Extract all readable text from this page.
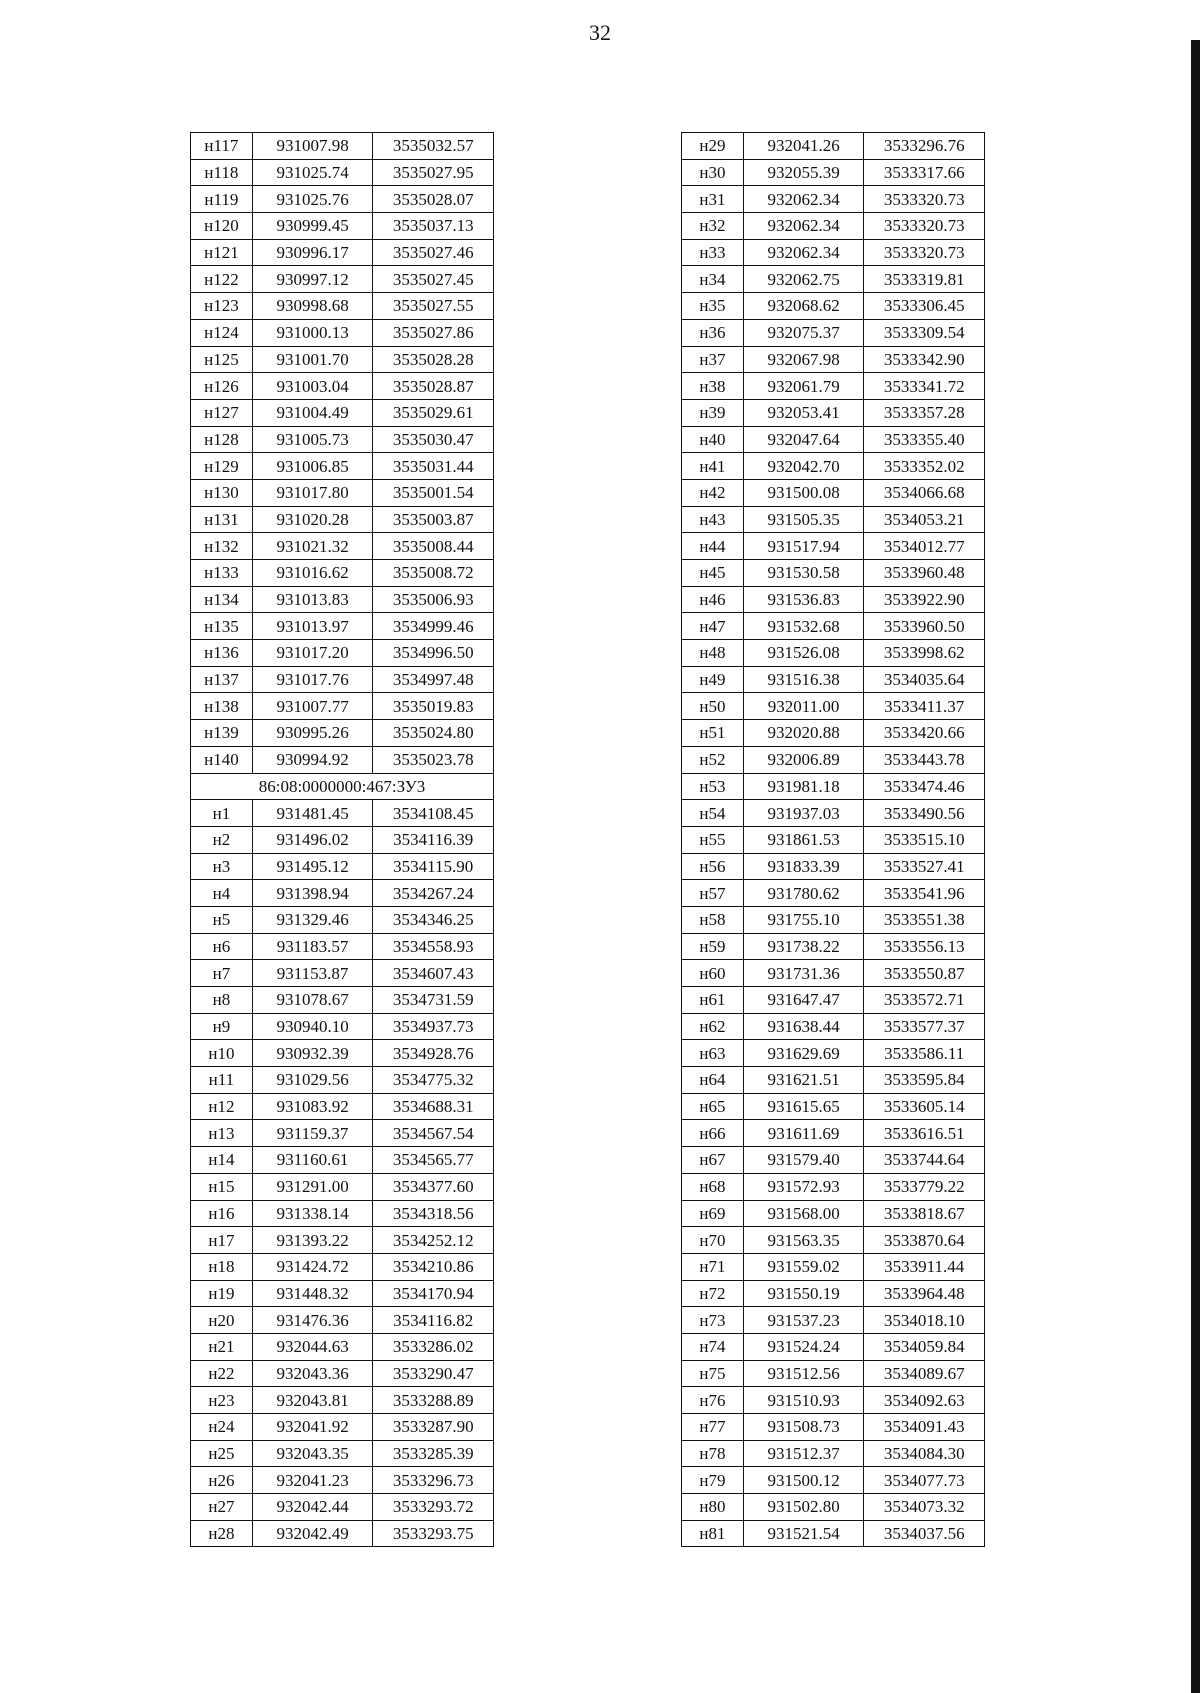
32
н117	931007.98	3535032.57
н118	931025.74	3535027.95
н119	931025.76	3535028.07
н120	930999.45	3535037.13
н121	930996.17	3535027.46
н122	930997.12	3535027.45
н123	930998.68	3535027.55
н124	931000.13	3535027.86
н125	931001.70	3535028.28
н126	931003.04	3535028.87
н127	931004.49	3535029.61
н128	931005.73	3535030.47
н129	931006.85	3535031.44
н130	931017.80	3535001.54
н131	931020.28	3535003.87
н132	931021.32	3535008.44
н133	931016.62	3535008.72
н134	931013.83	3535006.93
н135	931013.97	3534999.46
н136	931017.20	3534996.50
н137	931017.76	3534997.48
н138	931007.77	3535019.83
н139	930995.26	3535024.80
н140	930994.92	3535023.78
86:08:0000000:467:ЗУ3		
н1	931481.45	3534108.45
н2	931496.02	3534116.39
н3	931495.12	3534115.90
н4	931398.94	3534267.24
н5	931329.46	3534346.25
н6	931183.57	3534558.93
н7	931153.87	3534607.43
н8	931078.67	3534731.59
н9	930940.10	3534937.73
н10	930932.39	3534928.76
н11	931029.56	3534775.32
н12	931083.92	3534688.31
н13	931159.37	3534567.54
н14	931160.61	3534565.77
н15	931291.00	3534377.60
н16	931338.14	3534318.56
н17	931393.22	3534252.12
н18	931424.72	3534210.86
н19	931448.32	3534170.94
н20	931476.36	3534116.82
н21	932044.63	3533286.02
н22	932043.36	3533290.47
н23	932043.81	3533288.89
н24	932041.92	3533287.90
н25	932043.35	3533285.39
н26	932041.23	3533296.73
н27	932042.44	3533293.72
н28	932042.49	3533293.75
н29	932041.26	3533296.76
н30	932055.39	3533317.66
н31	932062.34	3533320.73
н32	932062.34	3533320.73
н33	932062.34	3533320.73
н34	932062.75	3533319.81
н35	932068.62	3533306.45
н36	932075.37	3533309.54
н37	932067.98	3533342.90
н38	932061.79	3533341.72
н39	932053.41	3533357.28
н40	932047.64	3533355.40
н41	932042.70	3533352.02
н42	931500.08	3534066.68
н43	931505.35	3534053.21
н44	931517.94	3534012.77
н45	931530.58	3533960.48
н46	931536.83	3533922.90
н47	931532.68	3533960.50
н48	931526.08	3533998.62
н49	931516.38	3534035.64
н50	932011.00	3533411.37
н51	932020.88	3533420.66
н52	932006.89	3533443.78
н53	931981.18	3533474.46
н54	931937.03	3533490.56
н55	931861.53	3533515.10
н56	931833.39	3533527.41
н57	931780.62	3533541.96
н58	931755.10	3533551.38
н59	931738.22	3533556.13
н60	931731.36	3533550.87
н61	931647.47	3533572.71
н62	931638.44	3533577.37
н63	931629.69	3533586.11
н64	931621.51	3533595.84
н65	931615.65	3533605.14
н66	931611.69	3533616.51
н67	931579.40	3533744.64
н68	931572.93	3533779.22
н69	931568.00	3533818.67
н70	931563.35	3533870.64
н71	931559.02	3533911.44
н72	931550.19	3533964.48
н73	931537.23	3534018.10
н74	931524.24	3534059.84
н75	931512.56	3534089.67
н76	931510.93	3534092.63
н77	931508.73	3534091.43
н78	931512.37	3534084.30
н79	931500.12	3534077.73
н80	931502.80	3534073.32
н81	931521.54	3534037.56
